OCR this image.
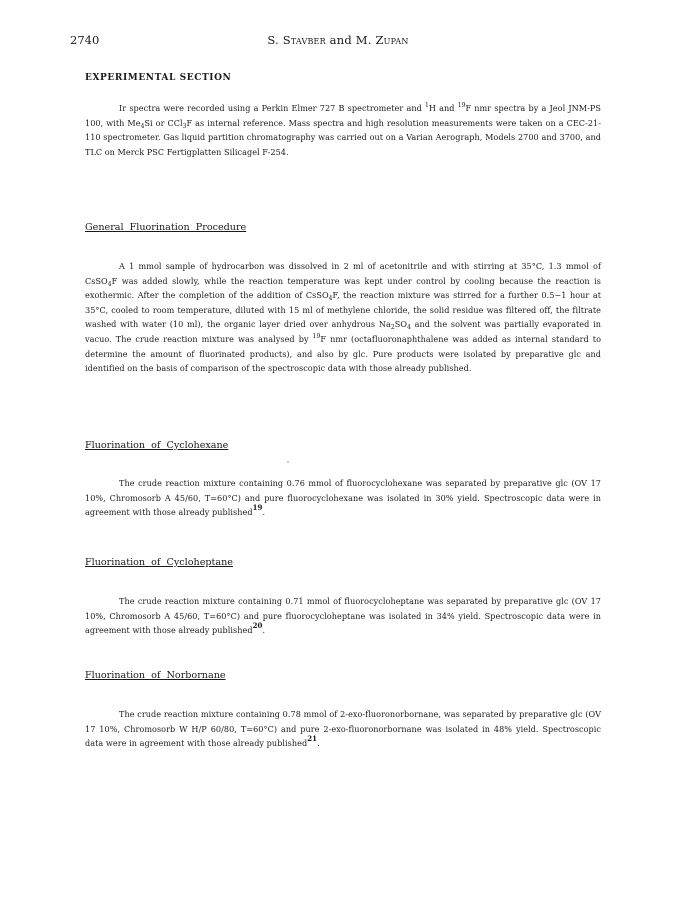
2740	S. Stavber and M. Zupan
EXPERIMENTAL SECTION
Ir spectra were recorded using a Perkin Elmer 727 B spectrometer and $^1$H and $^{19}$F nmr spectra by a Jeol JNM-PS 100, with $Me_4Si$ or CCl$_3$F as internal reference. Mass spectra and high resolution measurements were taken on a CEC-21-110 spectrometer. Gas liquid partition chromatography was carried out on a Varian Aerograph, Models 2700 and 3700, and TLC on Merck PSC Fertigplatten Silicagel F-254.
General Fluorination Procedure
A 1 mmol sample of hydrocarbon was dissolved in 2 ml of acetonitrile and with stirring at 35°C, 1.3 mmol of CsSO$_4$F was added slowly, while the reaction temperature was kept under control by cooling because the reaction is exothermic. After the completion of the addition of CsSO$_4$F, the reaction mixture was stirred for a further 0.5−1 hour at 35°C, cooled to room temperature, diluted with 15 ml of methylene chloride, the solid residue was filtered off, the filtrate washed with water (10 ml), the organic layer dried over anhydrous $Na_2SO_4$ and the solvent was partially evaporated in vacuo. The crude reaction mixture was analysed by $^{19}$F nmr (octafluoronaphthalene was added as internal standard to determine the amount of fluorinated products), and also by glc. Pure products were isolated by preparative glc and identified on the basis of comparison of the spectroscopic data with those already published.
Fluorination of Cyclohexane
The crude reaction mixture containing 0.76 mmol of fluorocyclohexane was separated by preparative glc (OV 17 10%, Chromosorb A 45/60, T=60°C) and pure fluorocyclohexane was isolated in 30% yield. Spectroscopic data were in agreement with those already published19.
Fluorination of Cycloheptane
The crude reaction mixture containing 0.71 mmol of fluorocycloheptane was separated by preparative glc (OV 17 10%, Chromosorb A 45/60, T=60°C) and pure fluorocycloheptane was isolated in 34% yield. Spectroscopic data were in agreement with those already published20.
Fluorination of Norbornane
The crude reaction mixture containing 0.78 mmol of 2-exo-fluoronorbornane, was separated by preparative glc (OV 17 10%, Chromosorb W H/P 60/80, T=60°C) and pure 2-exo-fluoronorbornane was isolated in 48% yield. Spectroscopic data were in agreement with those already published21.
